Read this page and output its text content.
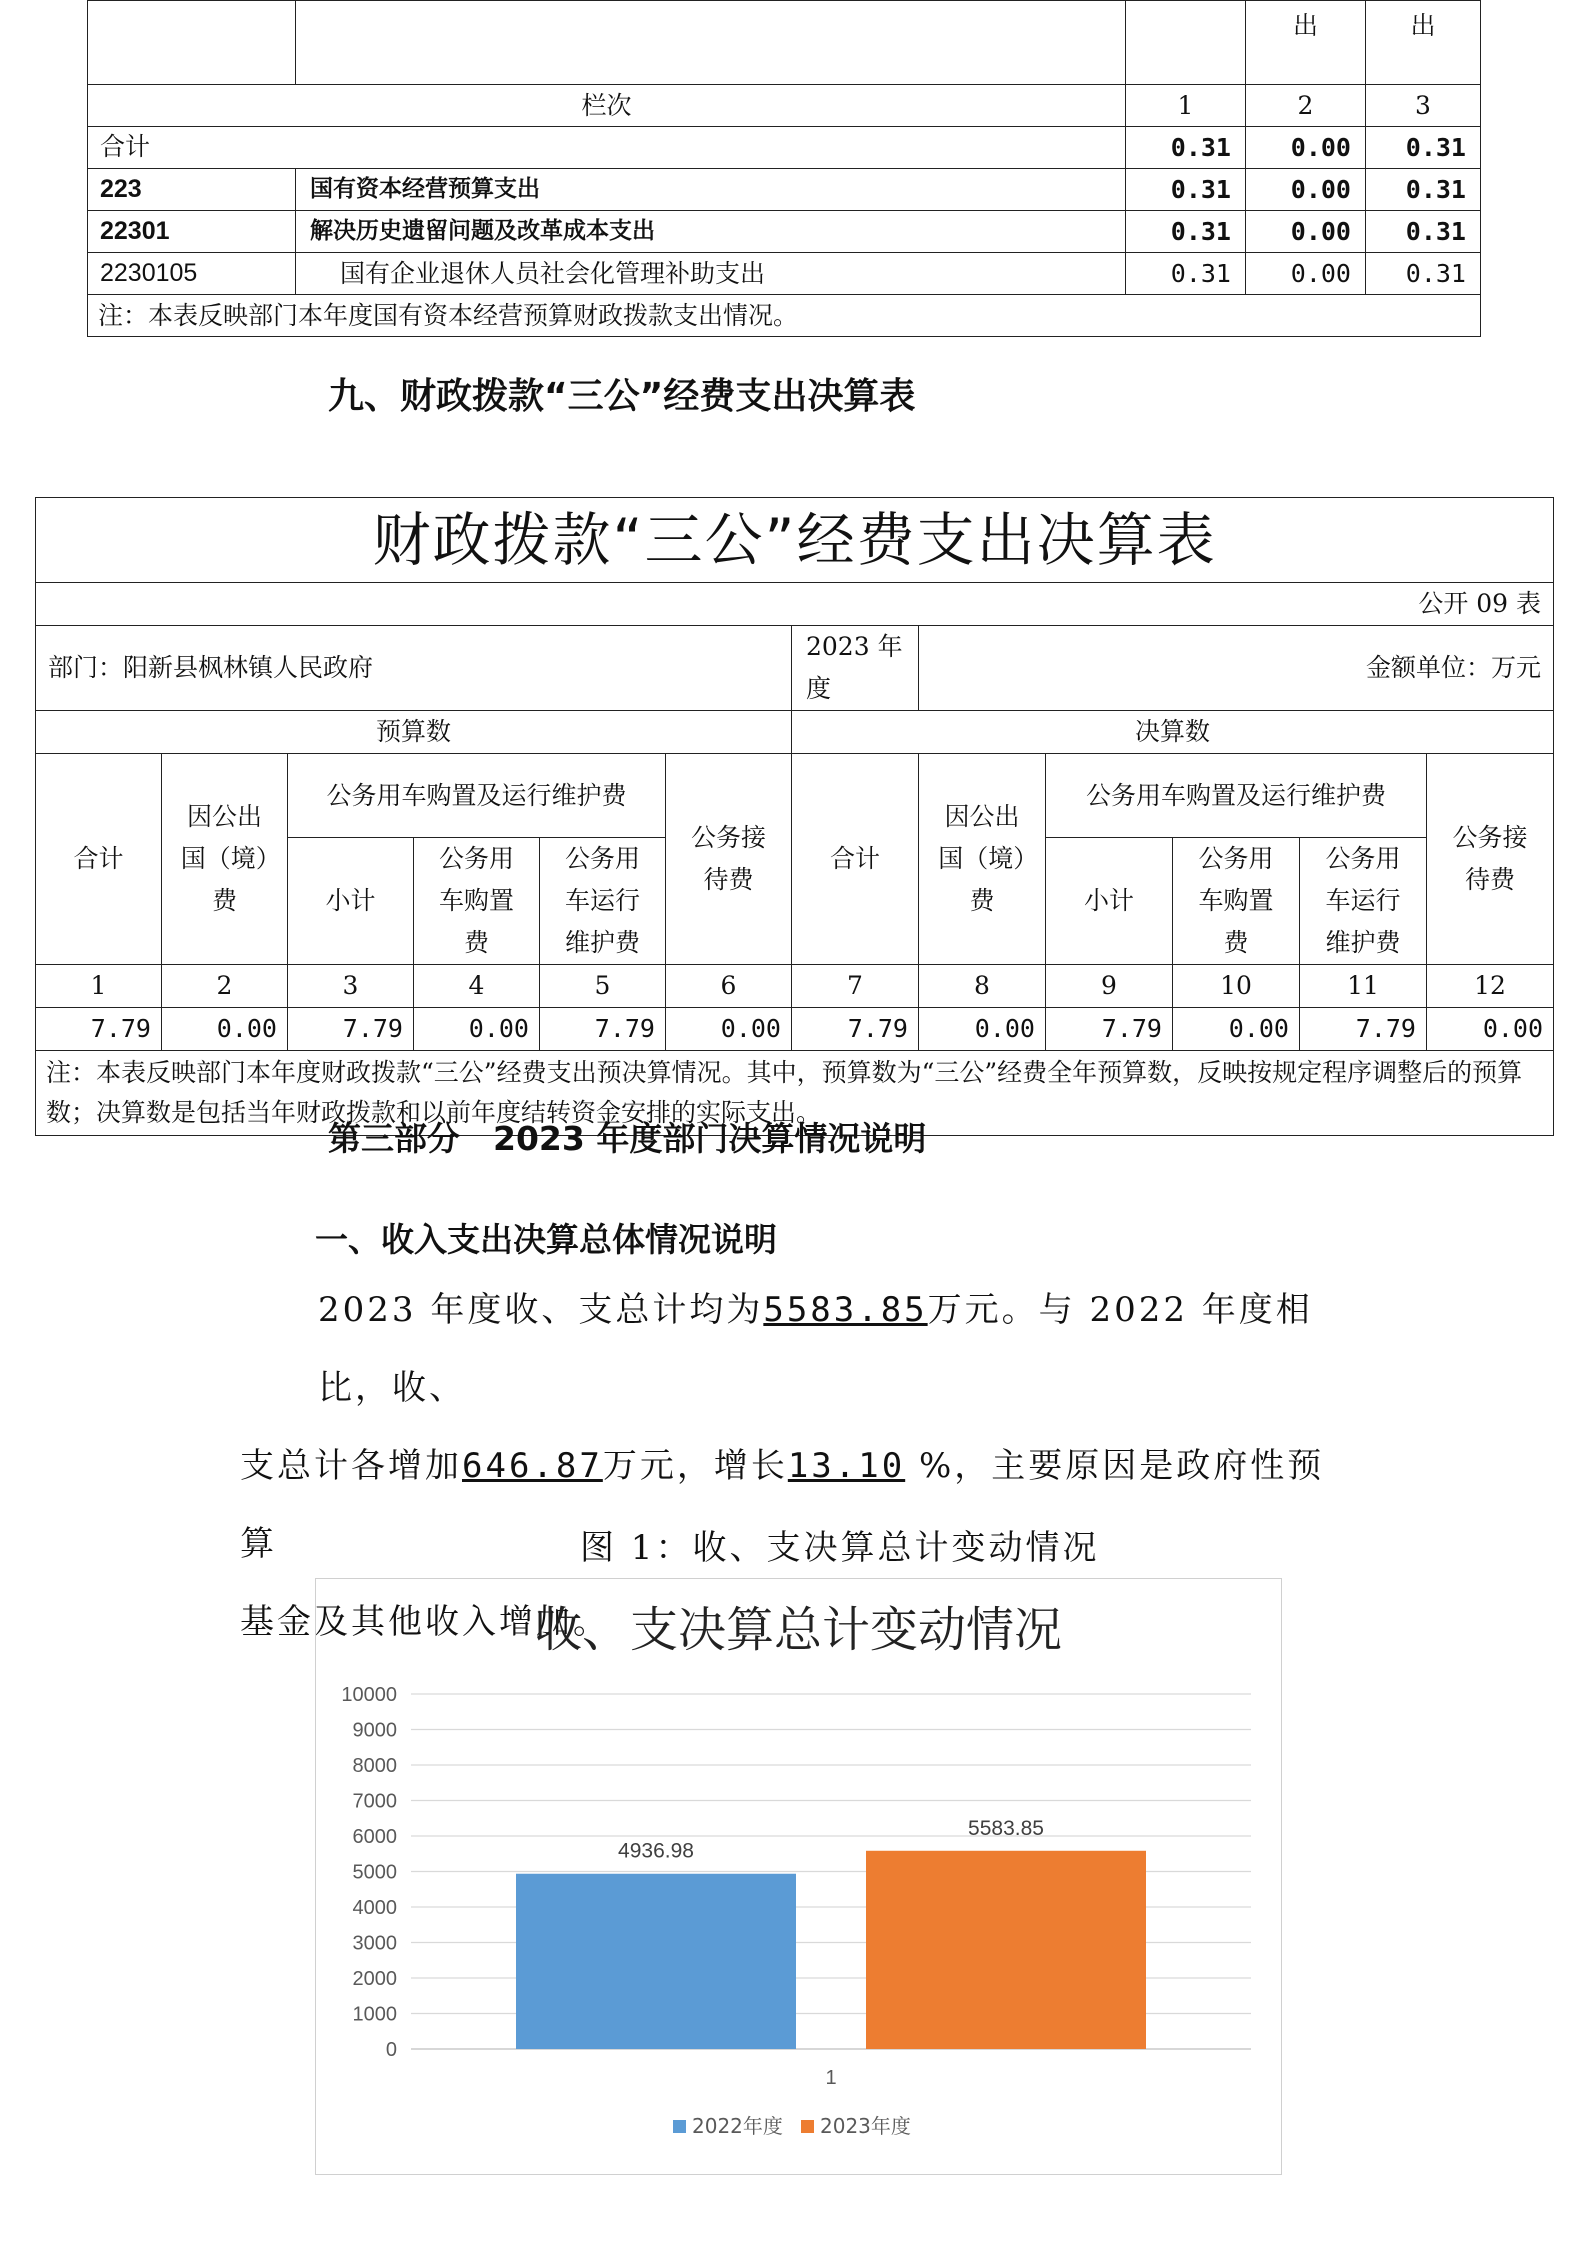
			出	出
栏次		1	2	3
合计		0.31	0.00	0.31
223	国有资本经营预算支出	0.31	0.00	0.31
22301	解决历史遗留问题及改革成本支出	0.31	0.00	0.31
2230105	国有企业退休人员社会化管理补助支出	0.31	0.00	0.31
注：本表反映部门本年度国有资本经营预算财政拨款支出情况。				
九、财政拨款“三公”经费支出决算表
财政拨款“三公”经费支出决算表											
公开 09 表											
部门：阳新县枫林镇人民政府						2023 年度	金额单位：万元				
预算数						决算数					
合计	因公出国（境）费	公务用车购置及运行维护费			公务接待费	合计	因公出国（境）费	公务用车购置及运行维护费			公务接待费
		小计	公务用车购置费	公务用车运行维护费				小计	公务用车购置费	公务用车运行维护费	
1	2	3	4	5	6	7	8	9	10	11	12
7.79	0.00	7.79	0.00	7.79	0.00	7.79	0.00	7.79	0.00	7.79	0.00
注：本表反映部门本年度财政拨款“三公”经费支出预决算情况。其中，预算数为“三公”经费全年预算数，反映按规定程序调整后的预算数；决算数是包括当年财政拨款和以前年度结转资金安排的实际支出。											
第三部分　2023 年度部门决算情况说明
一、收入支出决算总体情况说明
2023 年度收、支总计均为5583.85万元。与 2022 年度相比，收、
支总计各增加646.87万元，增长13.10 %，主要原因是政府性预算
基金及其他收入增加。
图 1：收、支决算总计变动情况
收、支决算总计变动情况
0
1000
2000
3000
4000
5000
6000
7000
8000
9000
10000
4936.98
5583.85
1
2022年度 2023年度
